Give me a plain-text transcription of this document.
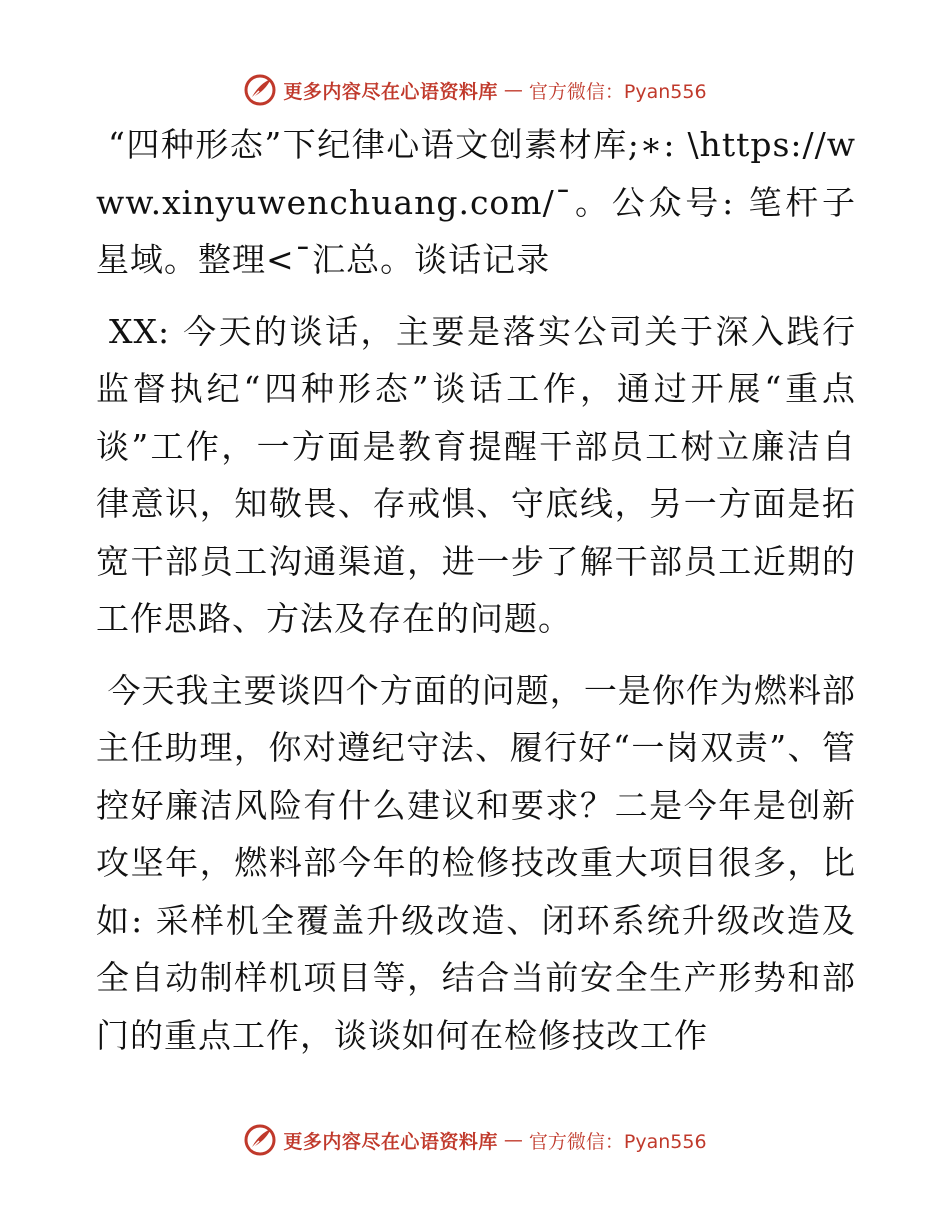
更多内容尽在心语资料库 — 官方微信：Pyan556

“四种形态”下纪律心语文创素材库;∗: \https://www.xinyuwenchuang.com/¯。公众号: 笔杆子星域。整理<¯汇总。谈话记录

XX: 今天的谈话，主要是落实公司关于深入践行监督执纪“四种形态”谈话工作，通过开展“重点谈”工作，一方面是教育提醒干部员工树立廉洁自律意识，知敬畏、存戒惧、守底线，另一方面是拓宽干部员工沟通渠道，进一步了解干部员工近期的工作思路、方法及存在的问题。

今天我主要谈四个方面的问题，一是你作为燃料部主任助理，你对遵纪守法、履行好“一岗双责”、管控好廉洁风险有什么建议和要求？二是今年是创新攻坚年，燃料部今年的检修技改重大项目很多，比如: 采样机全覆盖升级改造、闭环系统升级改造及全自动制样机项目等，结合当前安全生产形势和部门的重点工作，谈谈如何在检修技改工作

更多内容尽在心语资料库 — 官方微信：Pyan556
